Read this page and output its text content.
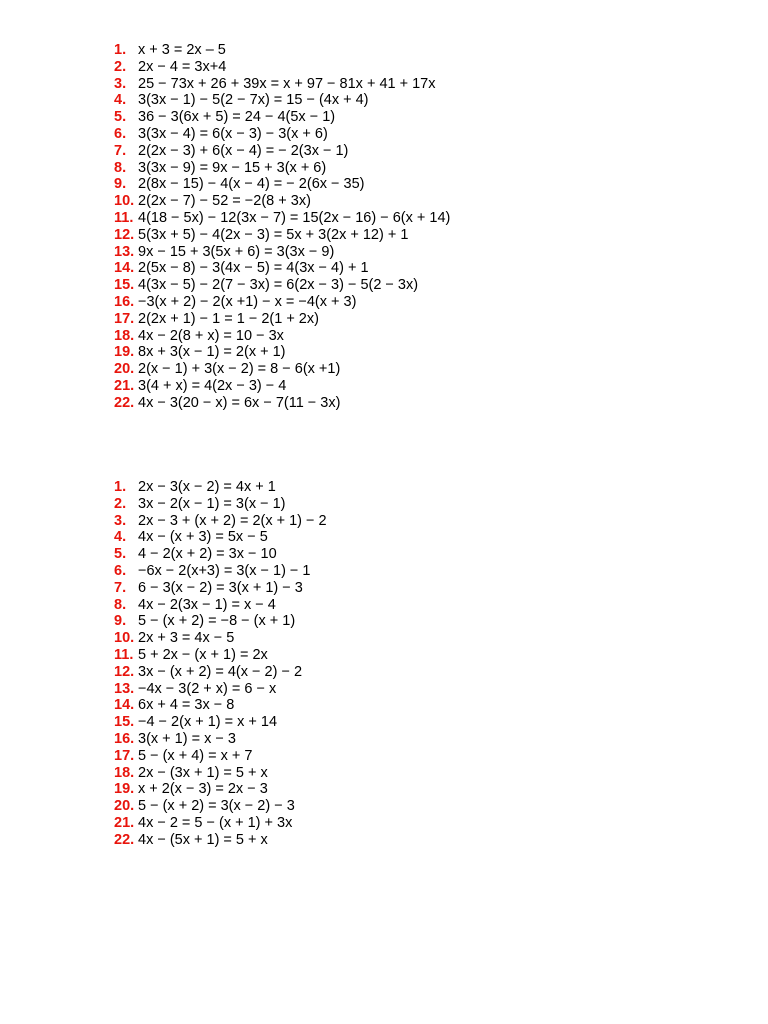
1. x + 3 = 2x – 5
2. 2x − 4 = 3x+4
3. 25 − 73x + 26 + 39x = x + 97 − 81x + 41 + 17x
4. 3(3x − 1) − 5(2 − 7x) = 15 − (4x + 4)
5. 36 − 3(6x + 5) = 24 − 4(5x − 1)
6. 3(3x − 4) = 6(x − 3) − 3(x + 6)
7. 2(2x − 3) + 6(x − 4) = − 2(3x − 1)
8. 3(3x − 9) = 9x − 15 + 3(x + 6)
9. 2(8x − 15) − 4(x − 4) = − 2(6x − 35)
10. 2(2x − 7) − 52 = −2(8 + 3x)
11. 4(18 − 5x) − 12(3x − 7) = 15(2x − 16) − 6(x + 14)
12. 5(3x + 5) − 4(2x − 3) = 5x + 3(2x + 12) + 1
13. 9x − 15 + 3(5x + 6) = 3(3x − 9)
14. 2(5x − 8) − 3(4x − 5) = 4(3x − 4) + 1
15. 4(3x − 5) − 2(7 − 3x) = 6(2x − 3) − 5(2 − 3x)
16. −3(x + 2) − 2(x +1) − x = −4(x + 3)
17. 2(2x + 1) − 1 = 1 − 2(1 + 2x)
18. 4x − 2(8 + x) = 10 − 3x
19. 8x + 3(x − 1) = 2(x + 1)
20. 2(x − 1) + 3(x − 2) = 8 − 6(x +1)
21. 3(4 + x) = 4(2x − 3) − 4
22. 4x − 3(20 − x) = 6x − 7(11 − 3x)
1. 2x − 3(x − 2) = 4x + 1
2. 3x − 2(x − 1) = 3(x − 1)
3. 2x − 3 + (x + 2) = 2(x + 1) − 2
4. 4x − (x + 3) = 5x − 5
5. 4 − 2(x + 2) = 3x − 10
6. −6x − 2(x+3) = 3(x − 1) − 1
7. 6 − 3(x − 2) = 3(x + 1) − 3
8. 4x − 2(3x − 1) = x − 4
9. 5 − (x + 2) = −8 − (x + 1)
10. 2x + 3 = 4x − 5
11. 5 + 2x − (x + 1) = 2x
12. 3x − (x + 2) = 4(x − 2) − 2
13. −4x − 3(2 + x) = 6 − x
14. 6x + 4 = 3x − 8
15. −4 − 2(x + 1) = x + 14
16. 3(x + 1) = x − 3
17. 5 − (x + 4) = x + 7
18. 2x − (3x + 1) = 5 + x
19. x + 2(x − 3) = 2x − 3
20. 5 − (x + 2) = 3(x − 2) − 3
21. 4x − 2 = 5 − (x + 1) + 3x
22. 4x − (5x + 1) = 5 + x
